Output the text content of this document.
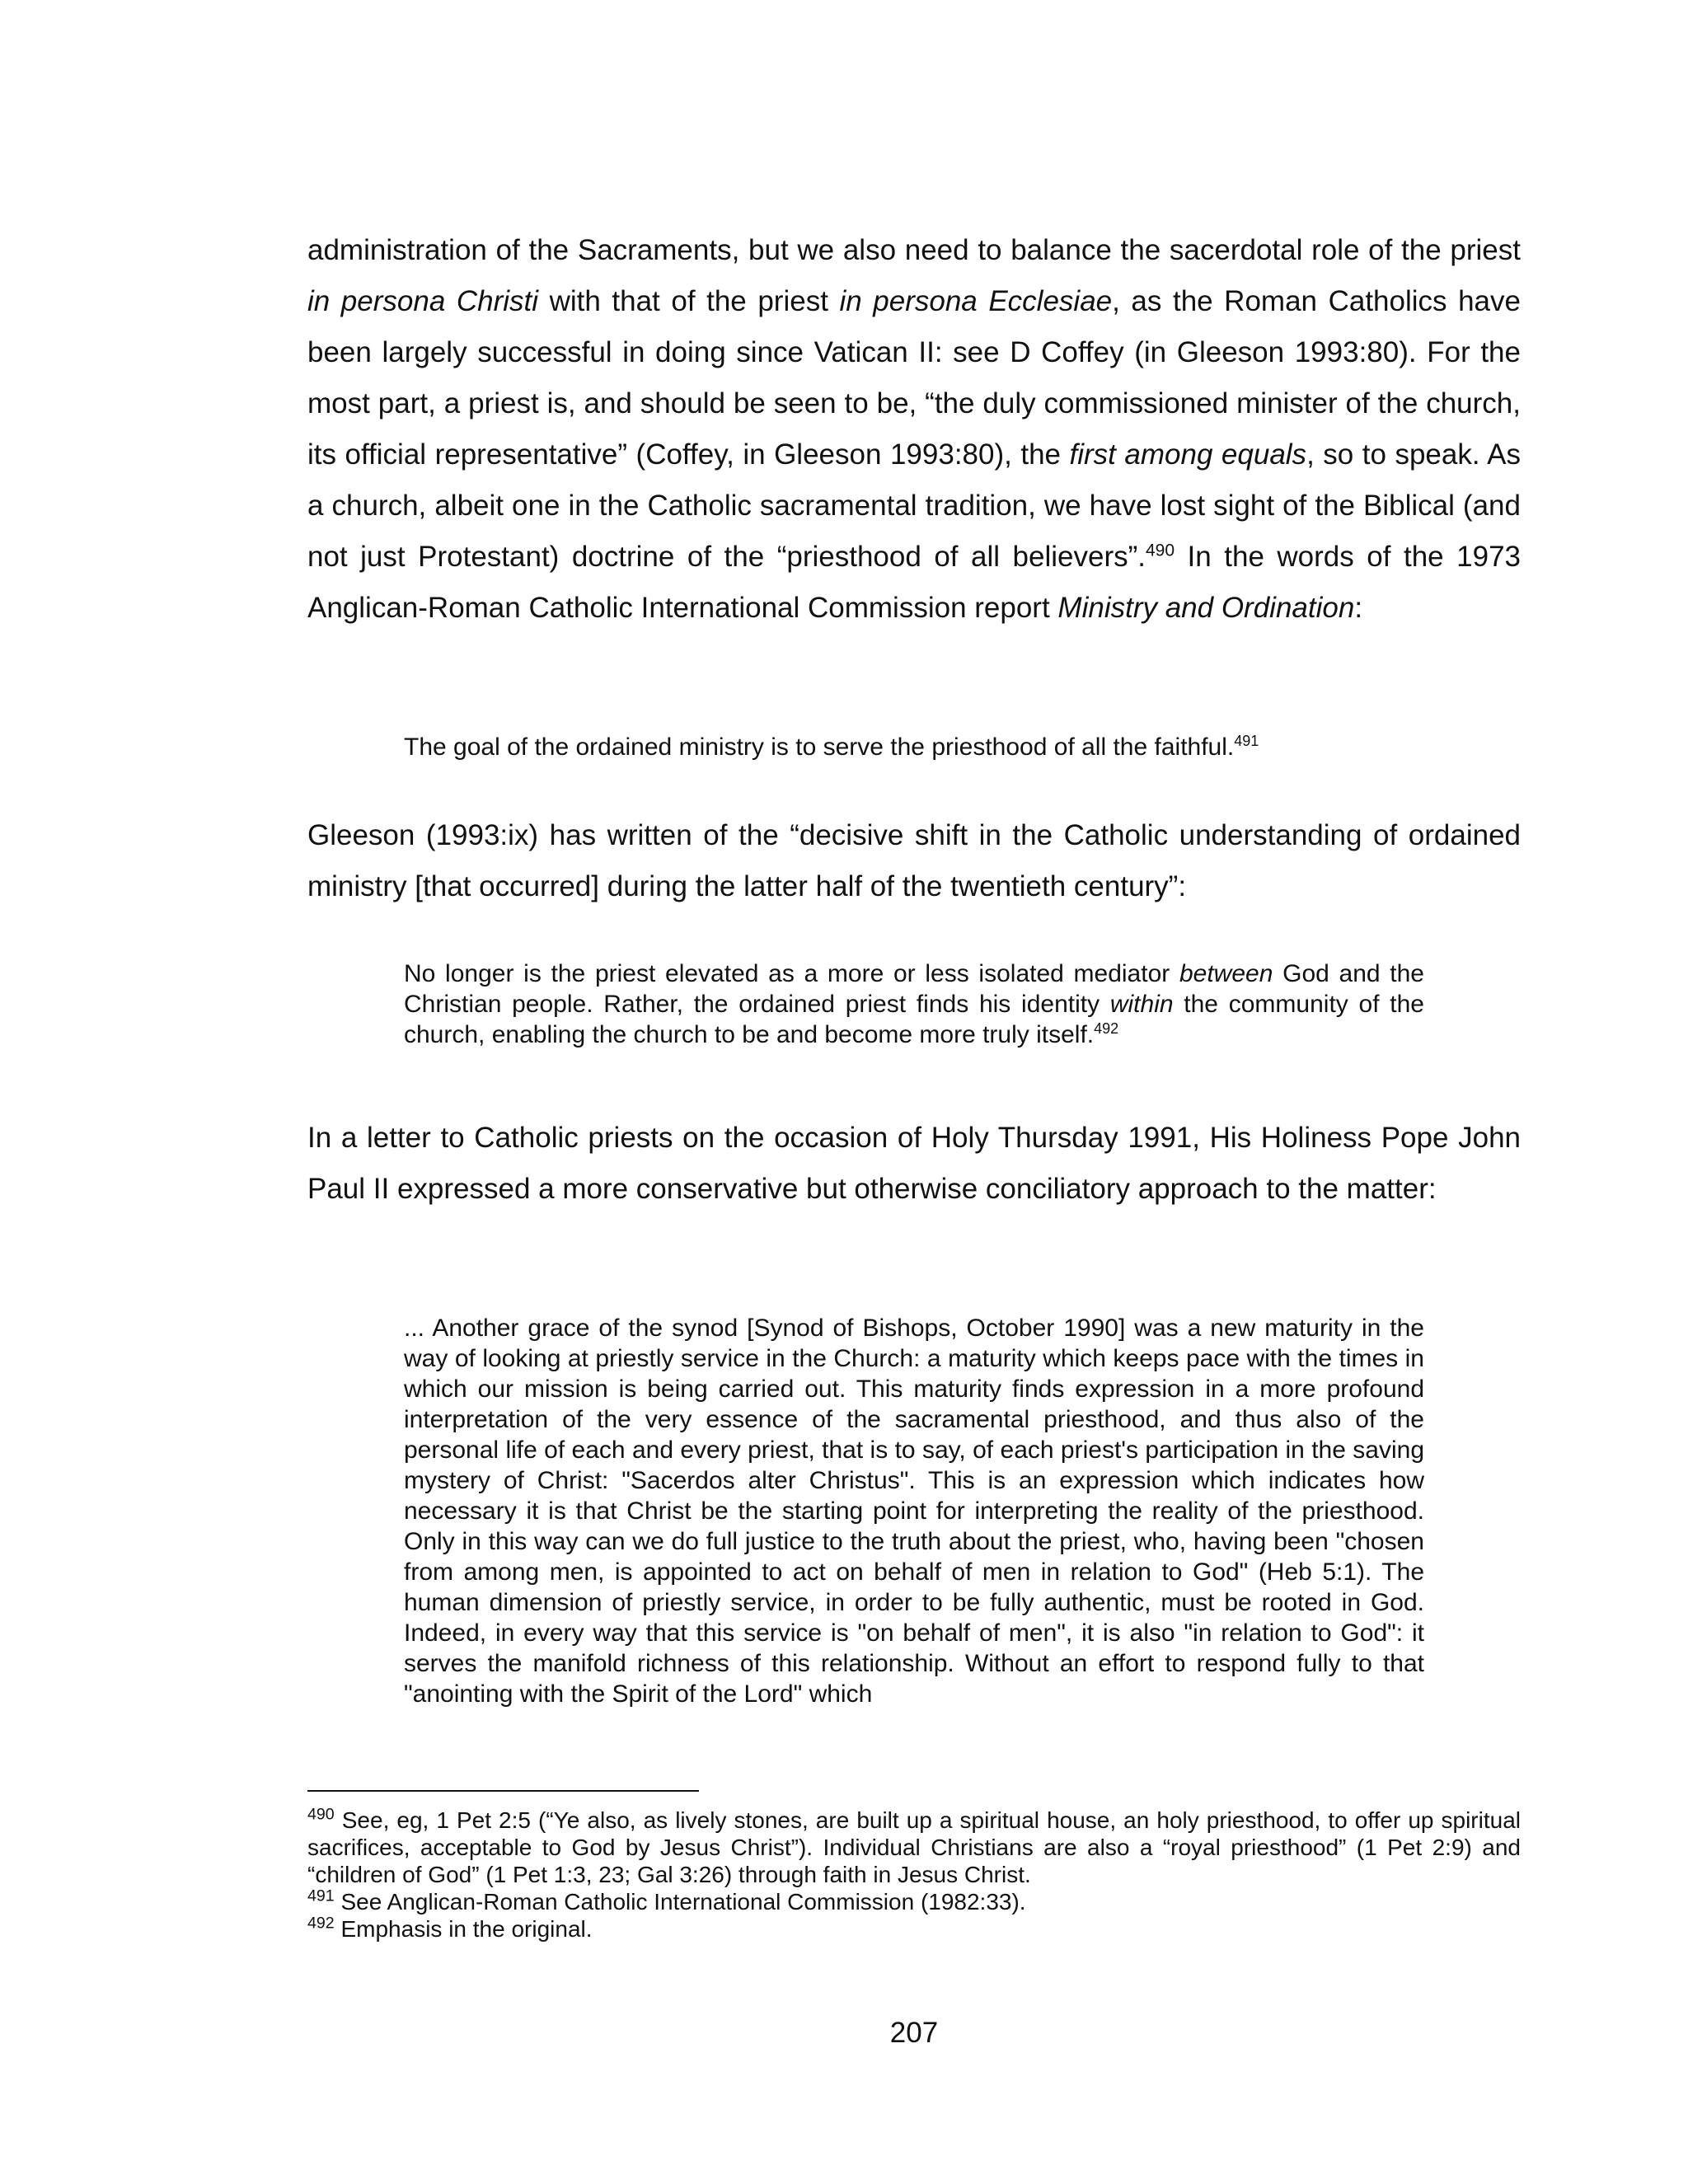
administration of the Sacraments, but we also need to balance the sacerdotal role of the priest in persona Christi with that of the priest in persona Ecclesiae, as the Roman Catholics have been largely successful in doing since Vatican II: see D Coffey (in Gleeson 1993:80). For the most part, a priest is, and should be seen to be, “the duly commissioned minister of the church, its official representative” (Coffey, in Gleeson 1993:80), the first among equals, so to speak. As a church, albeit one in the Catholic sacramental tradition, we have lost sight of the Biblical (and not just Protestant) doctrine of the “priesthood of all believers”.$^{490}$ In the words of the 1973 Anglican-Roman Catholic International Commission report Ministry and Ordination:

The goal of the ordained ministry is to serve the priesthood of all the faithful.$^{491}$

Gleeson (1993:ix) has written of the “decisive shift in the Catholic understanding of ordained ministry [that occurred] during the latter half of the twentieth century”:

No longer is the priest elevated as a more or less isolated mediator between God and the Christian people. Rather, the ordained priest finds his identity within the community of the church, enabling the church to be and become more truly itself.$^{492}$

In a letter to Catholic priests on the occasion of Holy Thursday 1991, His Holiness Pope John Paul II expressed a more conservative but otherwise conciliatory approach to the matter:

... Another grace of the synod [Synod of Bishops, October 1990] was a new maturity in the way of looking at priestly service in the Church: a maturity which keeps pace with the times in which our mission is being carried out. This maturity finds expression in a more profound interpretation of the very essence of the sacramental priesthood, and thus also of the personal life of each and every priest, that is to say, of each priest's participation in the saving mystery of Christ: "Sacerdos alter Christus". This is an expression which indicates how necessary it is that Christ be the starting point for interpreting the reality of the priesthood. Only in this way can we do full justice to the truth about the priest, who, having been "chosen from among men, is appointed to act on behalf of men in relation to God" (Heb 5:1). The human dimension of priestly service, in order to be fully authentic, must be rooted in God. Indeed, in every way that this service is "on behalf of men", it is also "in relation to God": it serves the manifold richness of this relationship. Without an effort to respond fully to that "anointing with the Spirit of the Lord" which

$^{490}$ See, eg, 1 Pet 2:5 (“Ye also, as lively stones, are built up a spiritual house, an holy priesthood, to offer up spiritual sacrifices, acceptable to God by Jesus Christ”). Individual Christians are also a “royal priesthood” (1 Pet 2:9) and “children of God” (1 Pet 1:3, 23; Gal 3:26) through faith in Jesus Christ.

$^{491}$ See Anglican-Roman Catholic International Commission (1982:33).

$^{492}$ Emphasis in the original.

207
